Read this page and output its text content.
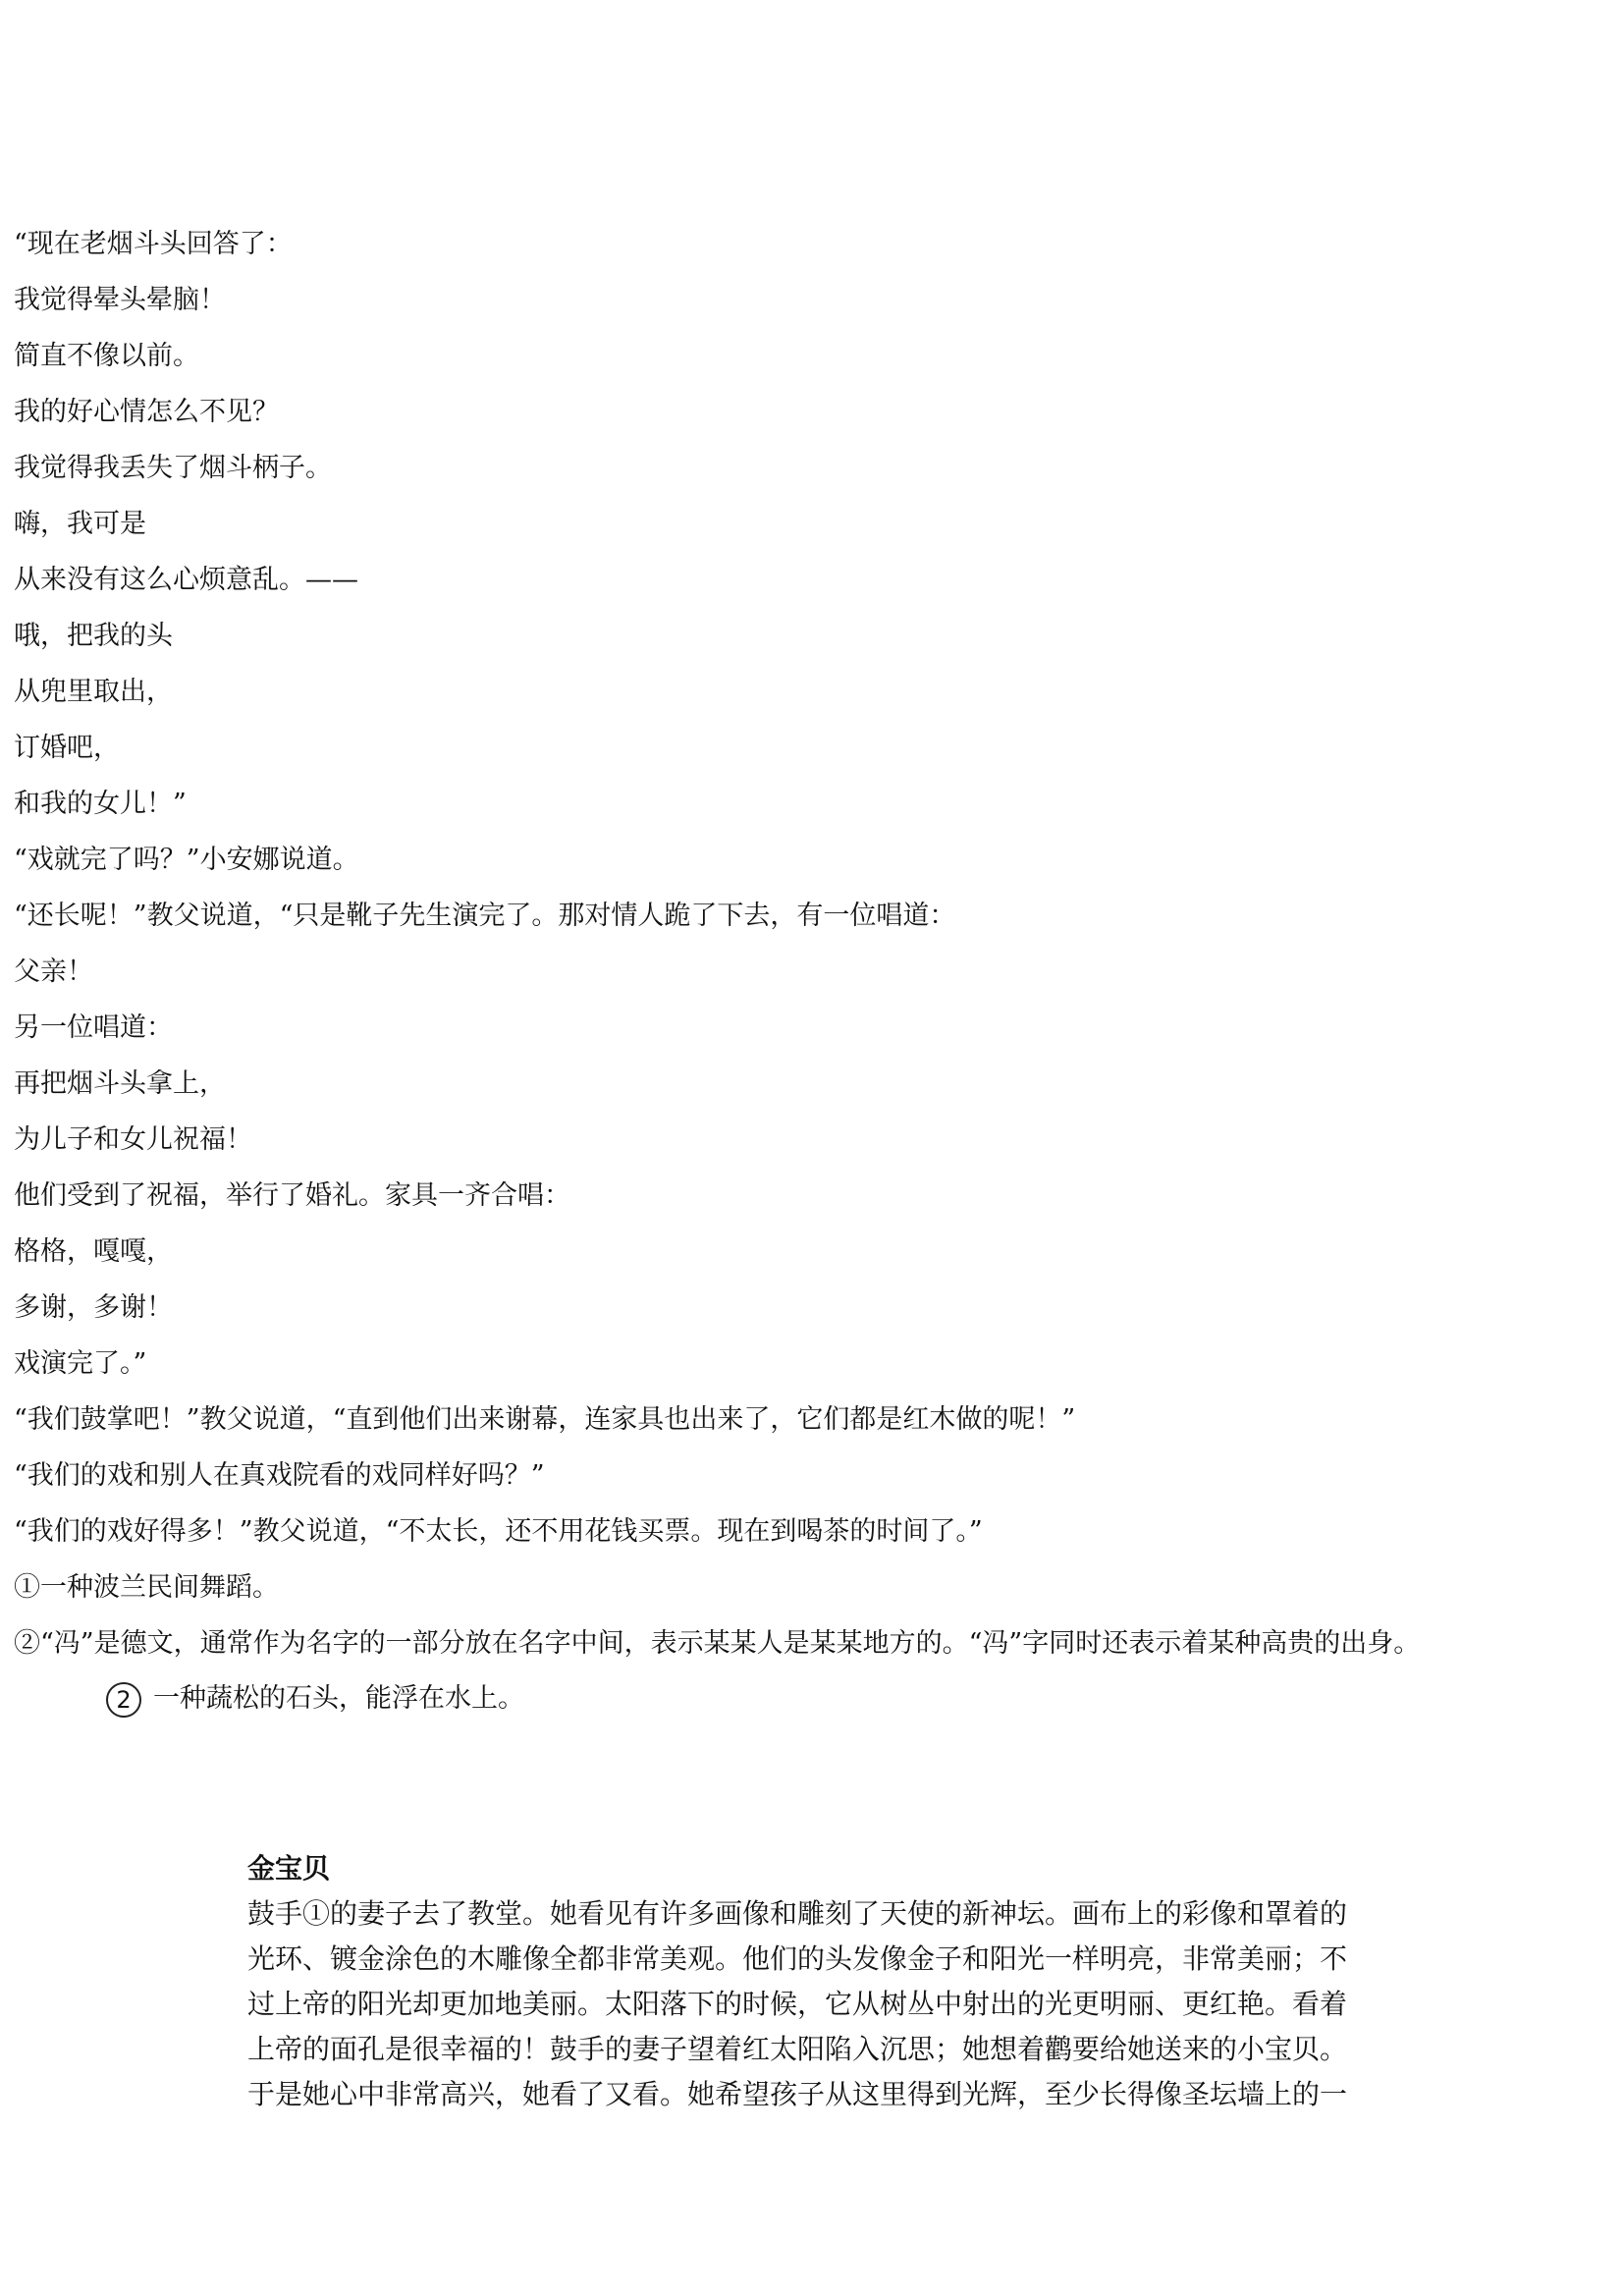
“现在老烟斗头回答了：
我觉得晕头晕脑！
简直不像以前。
我的好心情怎么不见？
我觉得我丢失了烟斗柄子。
嗨，我可是
从来没有这么心烦意乱。——
哦，把我的头
从兜里取出，
订婚吧，
和我的女儿！”
“戏就完了吗？”小安娜说道。
“还长呢！”教父说道，“只是靴子先生演完了。那对情人跪了下去，有一位唱道：
父亲！
另一位唱道：
再把烟斗头拿上，
为儿子和女儿祝福！
他们受到了祝福，举行了婚礼。家具一齐合唱：
格格，嘎嘎，
多谢，多谢！
戏演完了。”
“我们鼓掌吧！”教父说道，“直到他们出来谢幕，连家具也出来了，它们都是红木做的呢！”
“我们的戏和别人在真戏院看的戏同样好吗？”
“我们的戏好得多！”教父说道，“不太长，还不用花钱买票。现在到喝茶的时间了。”
①一种波兰民间舞蹈。
②“冯”是德文，通常作为名字的一部分放在名字中间，表示某某人是某某地方的。“冯”字同时还表示着某种高贵的出身。
2 一种蔬松的石头，能浮在水上。
金宝贝
鼓手①的妻子去了教堂。她看见有许多画像和雕刻了天使的新神坛。画布上的彩像和罩着的
光环、镀金涂色的木雕像全都非常美观。他们的头发像金子和阳光一样明亮，非常美丽；不
过上帝的阳光却更加地美丽。太阳落下的时候，它从树丛中射出的光更明丽、更红艳。看着
上帝的面孔是很幸福的！鼓手的妻子望着红太阳陷入沉思；她想着鹳要给她送来的小宝贝。
于是她心中非常高兴，她看了又看。她希望孩子从这里得到光辉，至少长得像圣坛墙上的一
